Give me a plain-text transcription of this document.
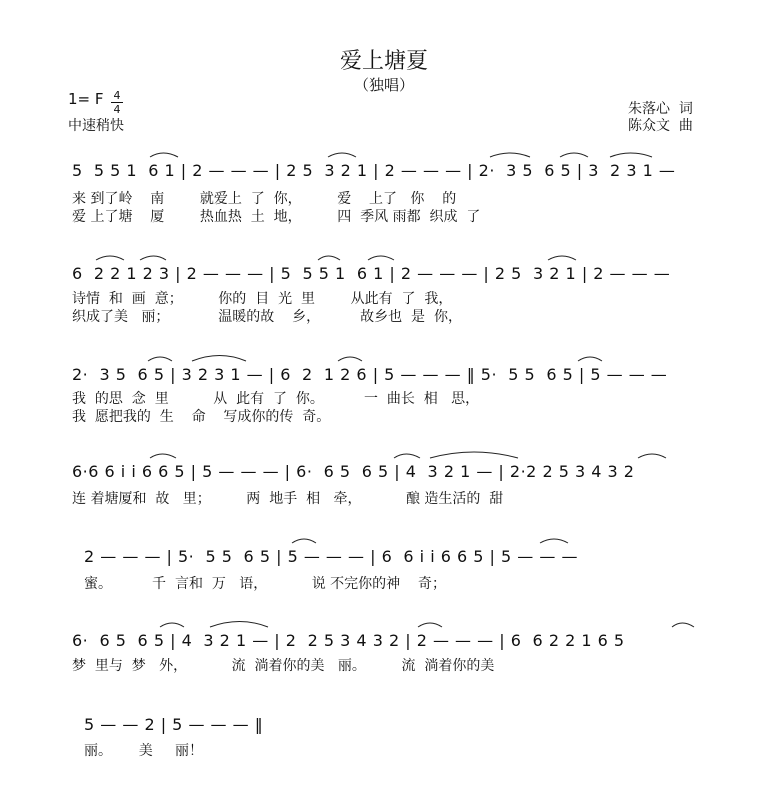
爱上塘夏
（独唱）
1= F 4
4
中速稍快
朱落心  词
陈众文  曲
5  5 5 1  6 1 | 2 — — — | 2 5  3 2 1 | 2 — — — | 2·  3 5  6 5 | 3  2 3 1 —
来 到了岭    南        就爱上  了  你，        爱    上了   你    的
爱 上了塘    厦        热血热  土  地，        四  季风 雨都  织成  了
6  2 2 1 2 3 | 2 — — — | 5  5 5 1  6 1 | 2 — — — | 2 5  3 2 1 | 2 — — —
诗情  和  画  意；        你的  目  光  里        从此有  了  我，
织成了美   丽；           温暖的故    乡，         故乡也  是  你，
2·  3 5  6 5 | 3 2 3 1 — | 6  2  1 2 6 | 5 — — — ‖ 5·  5 5  6 5 | 5 — — —
我  的思  念  里          从  此有  了  你。         一  曲长  相   思，
我  愿把我的  生    命    写成你的传  奇。
6·6 6 i i 6 6 5 | 5 — — — | 6·  6 5  6 5 | 4  3 2 1 — | 2·2 2 5 3 4 3 2
连 着塘厦和  故   里；        两  地手  相   牵，          酿 造生活的  甜
2 — — — | 5·  5 5  6 5 | 5 — — — | 6  6 i i 6 6 5 | 5 — — —
蜜。         千  言和  万   语，          说 不完你的神    奇；
6·  6 5  6 5 | 4  3 2 1 — | 2  2 5 3 4 3 2 | 2 — — — | 6  6 2 2 1 6 5
梦  里与  梦   外，          流  淌着你的美   丽。        流  淌着你的美
5 — — 2 | 5 — — — ‖
丽。      美     丽！
